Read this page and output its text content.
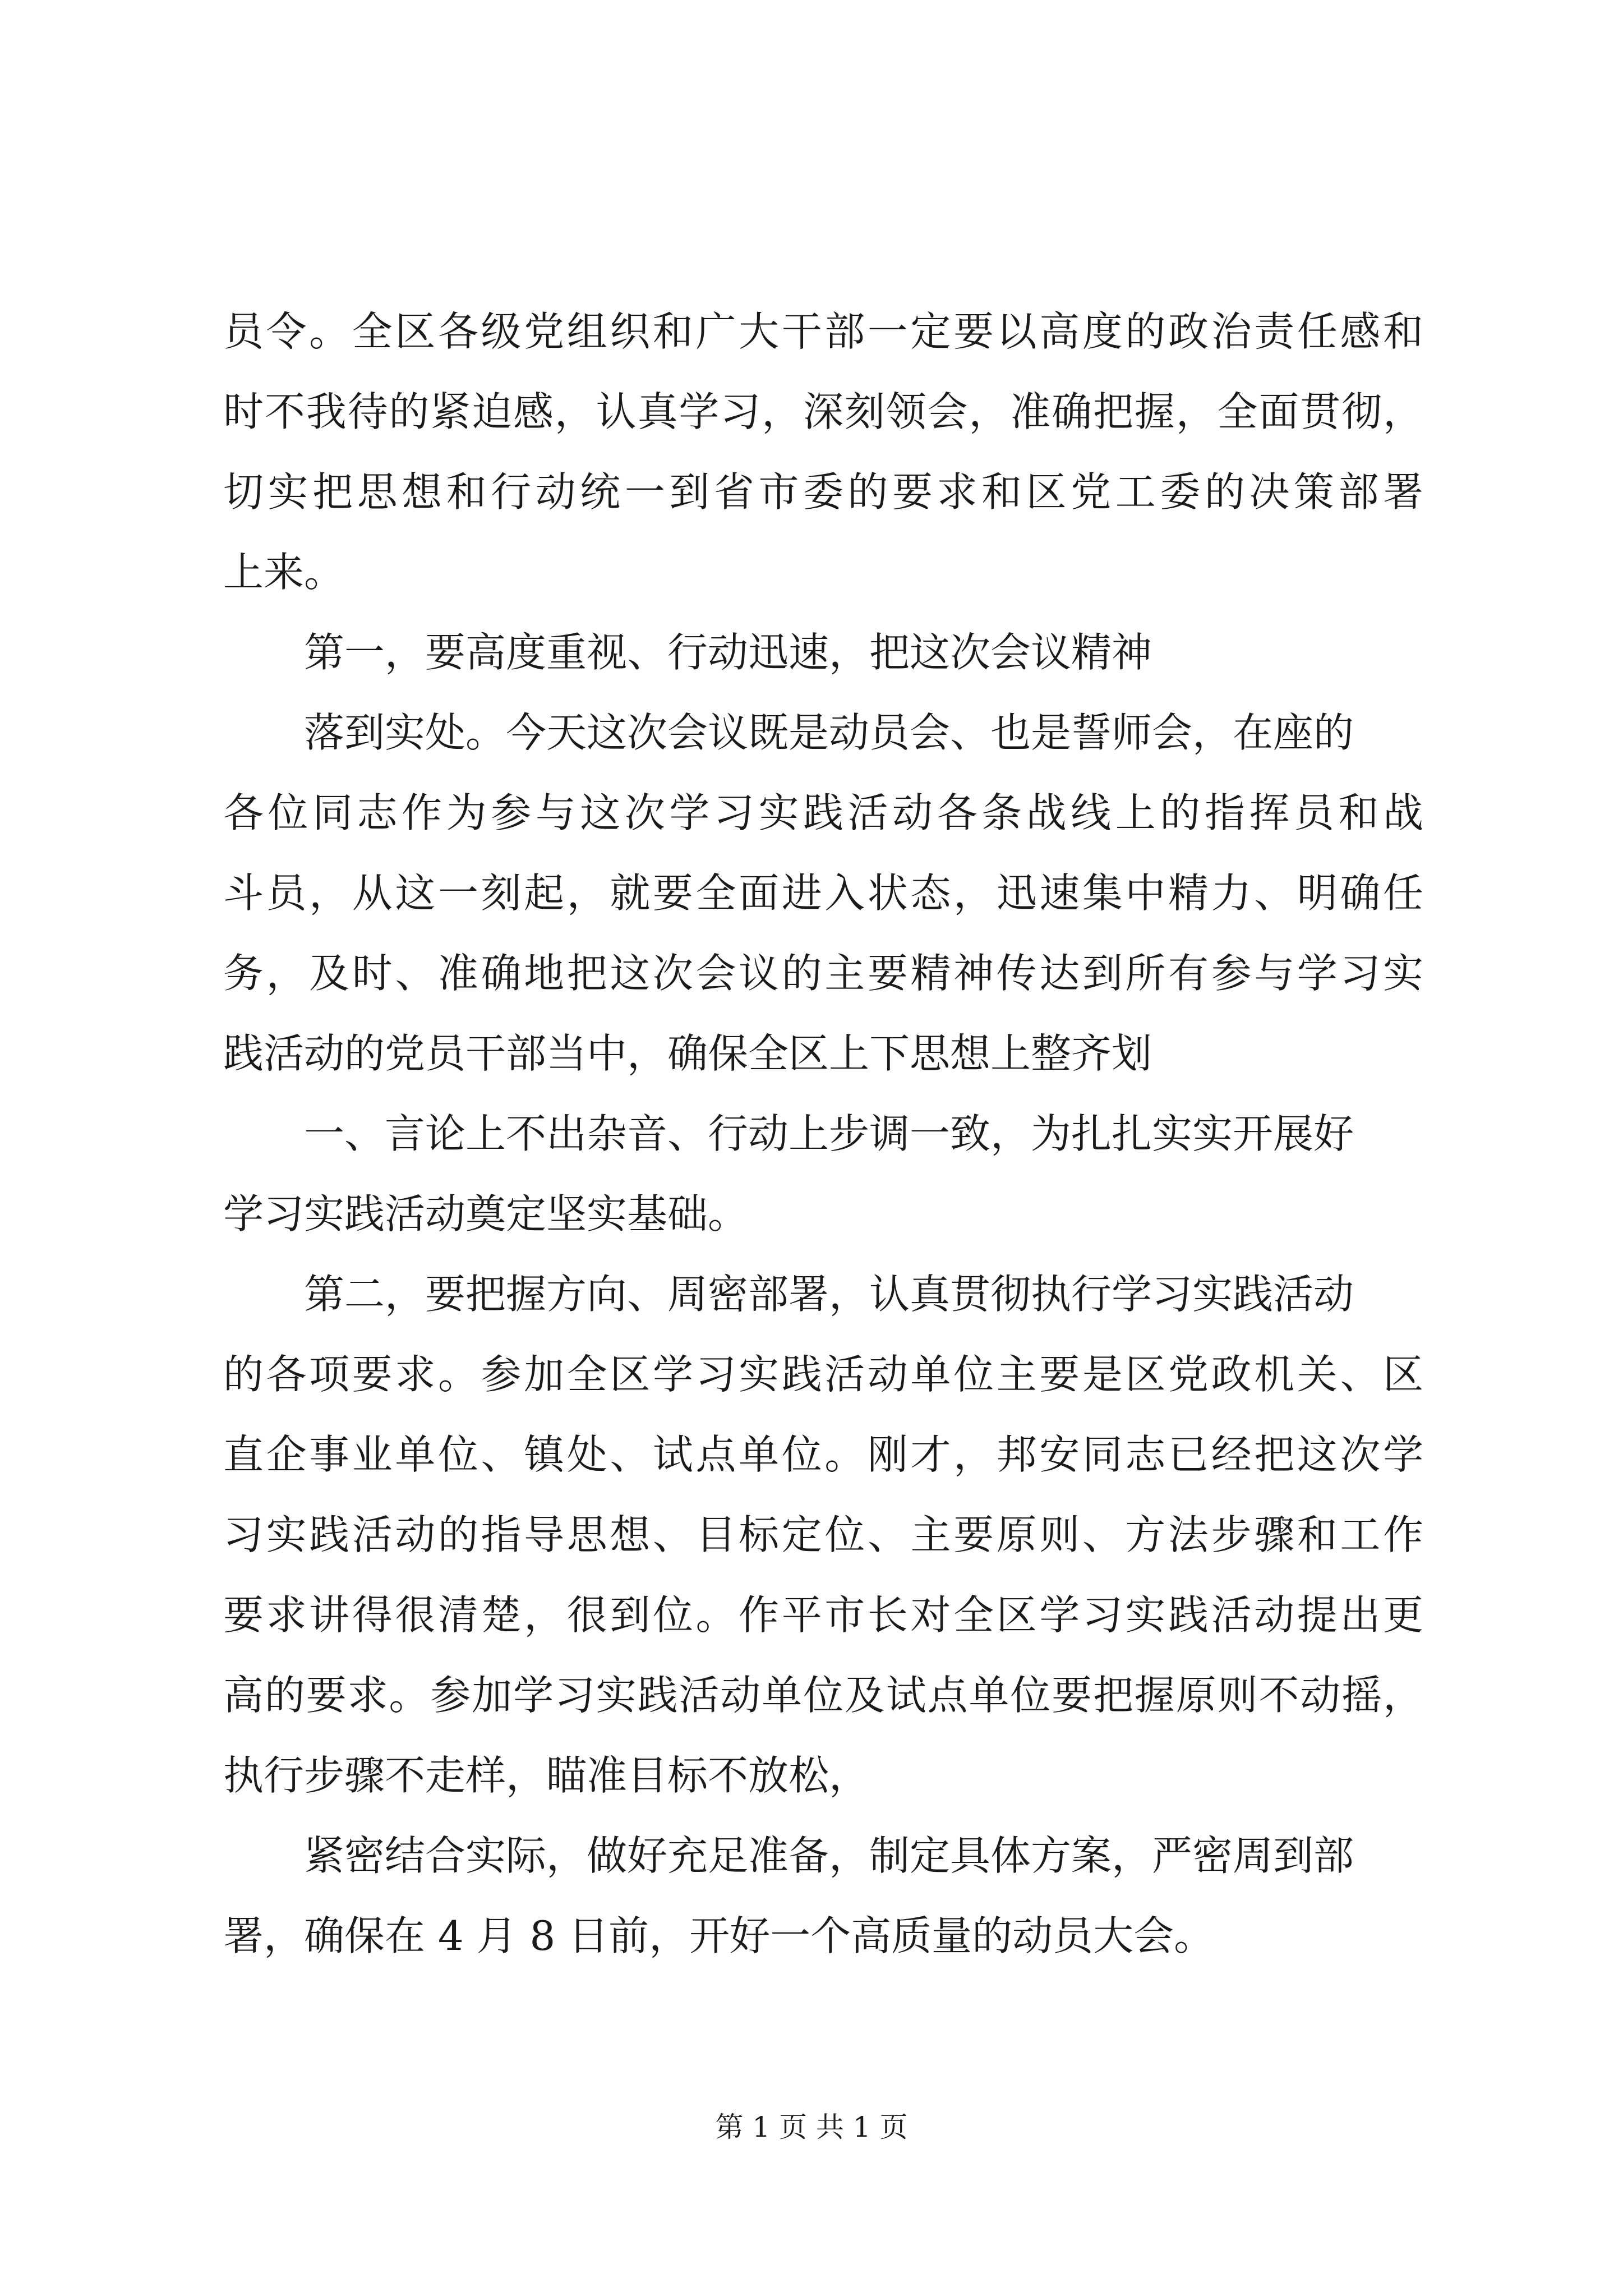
员令。全区各级党组织和广大干部一定要以高度的政治责任感和
时不我待的紧迫感，认真学习，深刻领会，准确把握，全面贯彻，
切实把思想和行动统一到省市委的要求和区党工委的决策部署
上来。
第一，要高度重视、行动迅速，把这次会议精神
落到实处。今天这次会议既是动员会、也是誓师会，在座的
各位同志作为参与这次学习实践活动各条战线上的指挥员和战
斗员，从这一刻起，就要全面进入状态，迅速集中精力、明确任
务，及时、准确地把这次会议的主要精神传达到所有参与学习实
践活动的党员干部当中，确保全区上下思想上整齐划
一、言论上不出杂音、行动上步调一致，为扎扎实实开展好
学习实践活动奠定坚实基础。
第二，要把握方向、周密部署，认真贯彻执行学习实践活动
的各项要求。参加全区学习实践活动单位主要是区党政机关、区
直企事业单位、镇处、试点单位。刚才，邦安同志已经把这次学
习实践活动的指导思想、目标定位、主要原则、方法步骤和工作
要求讲得很清楚，很到位。作平市长对全区学习实践活动提出更
高的要求。参加学习实践活动单位及试点单位要把握原则不动摇，
执行步骤不走样，瞄准目标不放松，
紧密结合实际，做好充足准备，制定具体方案，严密周到部
署，确保在 4 月 8 日前，开好一个高质量的动员大会。
第 1 页 共 1 页
